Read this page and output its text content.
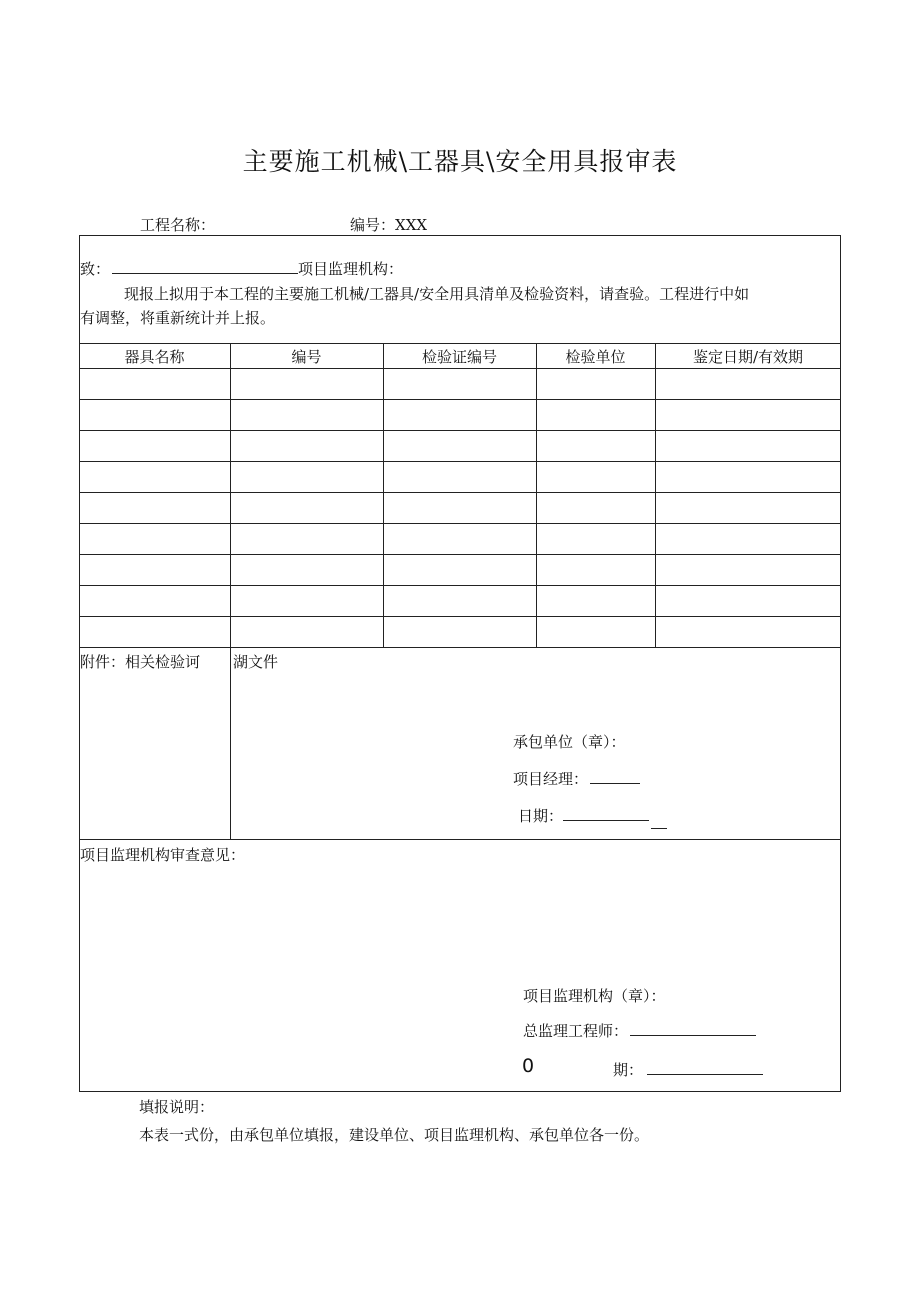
主要施工机械\工器具\安全用具报审表
工程名称：	编号：XXX
致：	项目监理机构：
现报上拟用于本工程的主要施工机械/工器具/安全用具清单及检验资料，请查验。工程进行中如
有调整，将重新统计并上报。
器具名称	编号	检验证编号	检验单位	鉴定日期/有效期
附件：相关检验诃 湖文件
承包单位（章）：
项目经理：
日期：
项目监理机构审查意见：
项目监理机构（章）：
总监理工程师：
0	期：
填报说明：
本表一式份，由承包单位填报，建设单位、项目监理机构、承包单位各一份。
